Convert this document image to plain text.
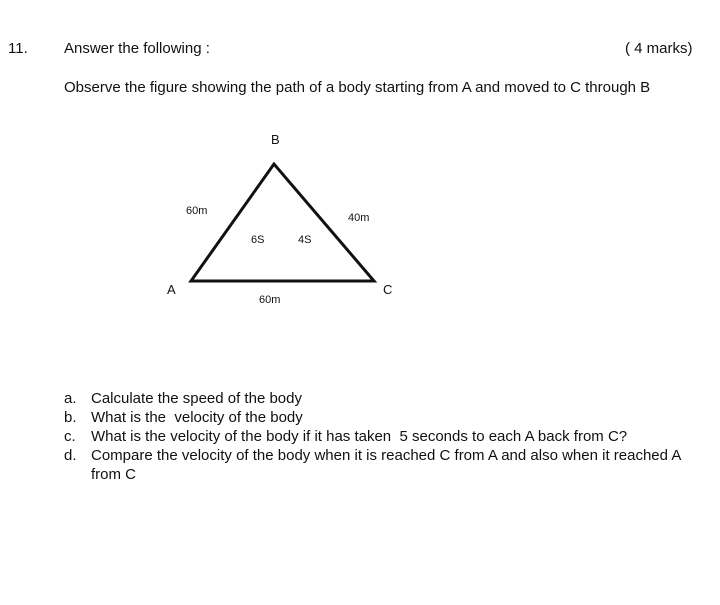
11. Answer the following :	( 4 marks)
Observe the figure showing the path of a body starting from A and moved to C through B
B
A	C
60m
40m
60m
6S	4S
a. Calculate the speed of the body
b. What is the  velocity of the body
c. What is the velocity of the body if it has taken  5 seconds to each A back from C?
d. Compare the velocity of the body when it is reached C from A and also when it reached A from C
